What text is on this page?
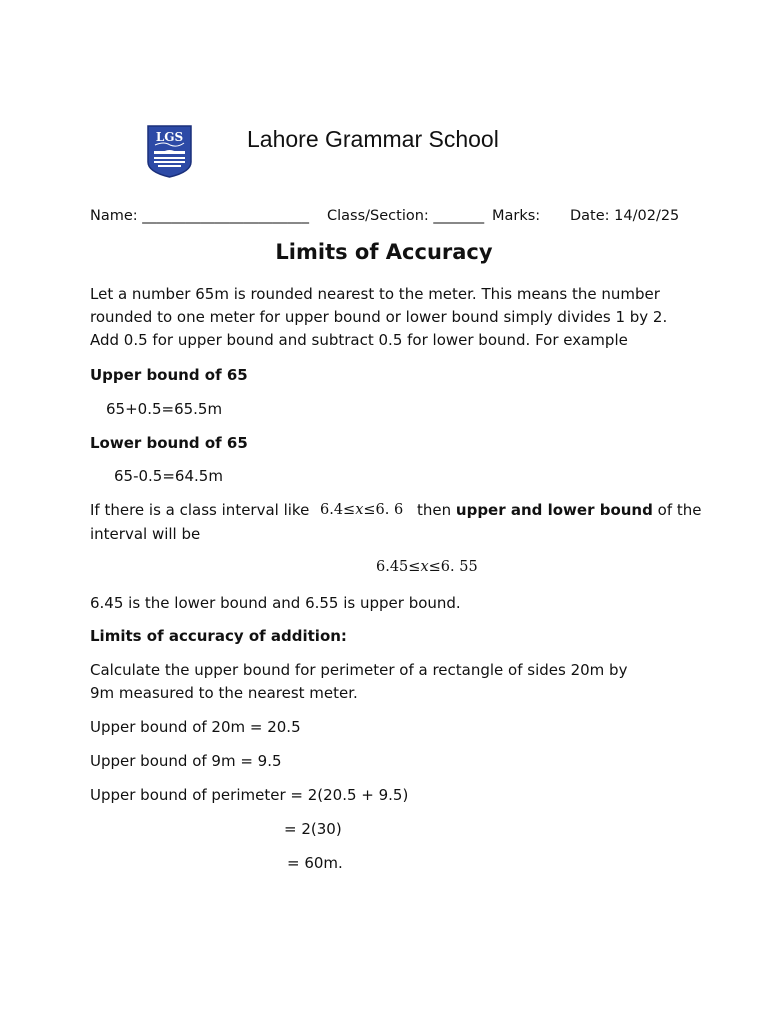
LGS	Lahore Grammar School
Name: _______________________ Class/Section: _______ Marks: Date: 14/02/25
Limits of Accuracy
Let a number 65m is rounded nearest to the meter. This means the number rounded to one meter for upper bound or lower bound simply divides 1 by 2. Add 0.5 for upper bound and subtract 0.5 for lower bound. For example
Upper bound of 65
65+0.5=65.5m
Lower bound of 65
65-0.5=64.5m
If there is a class interval like 6.4≤x≤6. 6 then upper and lower bound of the
interval will be
6.45≤x≤6. 55
6.45 is the lower bound and 6.55 is upper bound.
Limits of accuracy of addition:
Calculate the upper bound for perimeter of a rectangle of sides 20m by 9m measured to the nearest meter.
Upper bound of 20m = 20.5
Upper bound of 9m = 9.5
Upper bound of perimeter = 2(20.5 + 9.5)
= 2(30)
= 60m.
